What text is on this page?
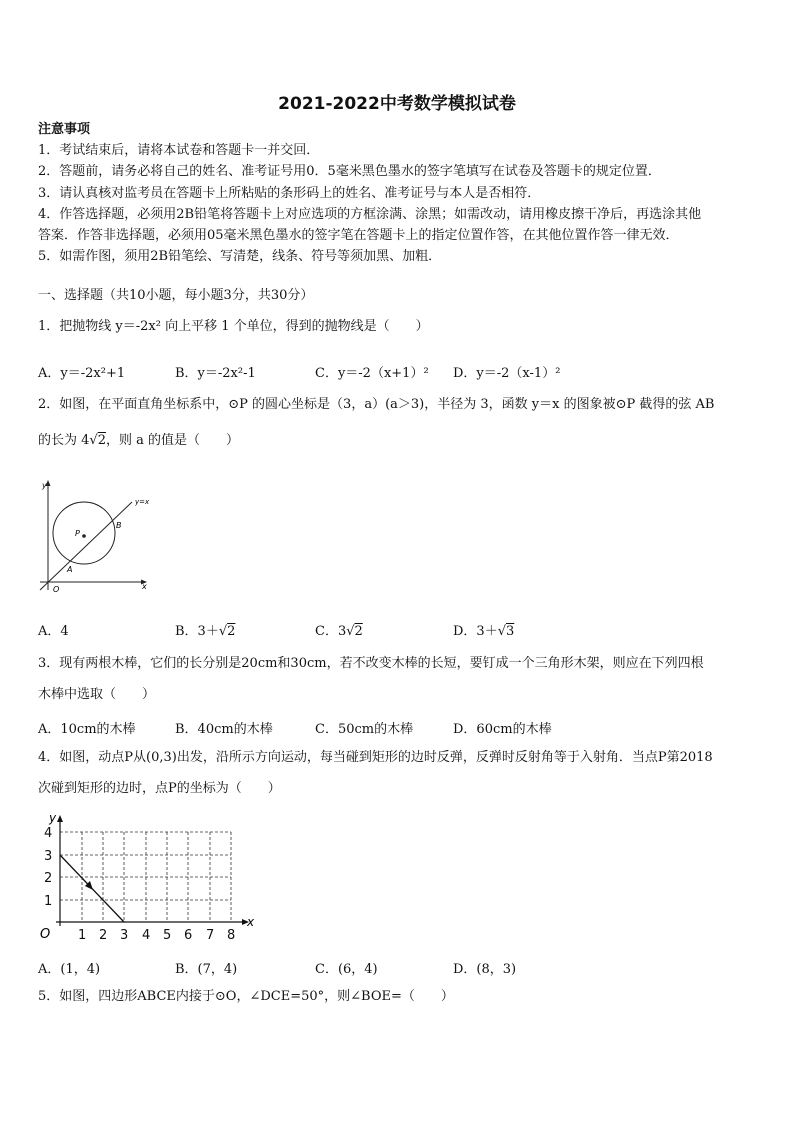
2021-2022中考数学模拟试卷
注意事项
1．考试结束后，请将本试卷和答题卡一并交回．
2．答题前，请务必将自己的姓名、准考证号用0．5毫米黑色墨水的签字笔填写在试卷及答题卡的规定位置．
3．请认真核对监考员在答题卡上所粘贴的条形码上的姓名、准考证号与本人是否相符．
4．作答选择题，必须用2B铅笔将答题卡上对应选项的方框涂满、涂黑；如需改动，请用橡皮擦干净后，再选涂其他
答案．作答非选择题，必须用05毫米黑色墨水的签字笔在答题卡上的指定位置作答，在其他位置作答一律无效．
5．如需作图，须用2B铅笔绘、写清楚，线条、符号等须加黑、加粗．
一、选择题（共10小题，每小题3分，共30分）
1．把抛物线 y＝-2x² 向上平移 1 个单位，得到的抛物线是（　　）
A．y＝-2x²+1	B．y＝-2x²-1	C．y＝-2（x+1）² D．y＝-2（x-1）²
2．如图，在平面直角坐标系中，⊙P 的圆心坐标是（3，a）(a＞3)，半径为 3，函数 y＝x 的图象被⊙P 截得的弦 AB
的长为 4√2，则 a 的值是（　　）
y
x
O
P
A
B
y=x
A．4	B．3＋√2	C．3√2	D．3＋√3
3．现有两根木棒，它们的长分别是20cm和30cm，若不改变木棒的长短，要钉成一个三角形木架，则应在下列四根
木棒中选取（　　）
A．10cm的木棒	B．40cm的木棒	C．50cm的木棒	D．60cm的木棒
4．如图，动点P从(0,3)出发，沿所示方向运动，每当碰到矩形的边时反弹，反弹时反射角等于入射角．当点P第2018
次碰到矩形的边时，点P的坐标为（　　）
1 2 3 4 5 6 7 8
1
2
3
4
O
x
y
A．(1，4)	B．(7，4)	C．(6，4)	D．(8，3)
5．如图，四边形ABCE内接于⊙O，∠DCE=50°，则∠BOE=（　　）
